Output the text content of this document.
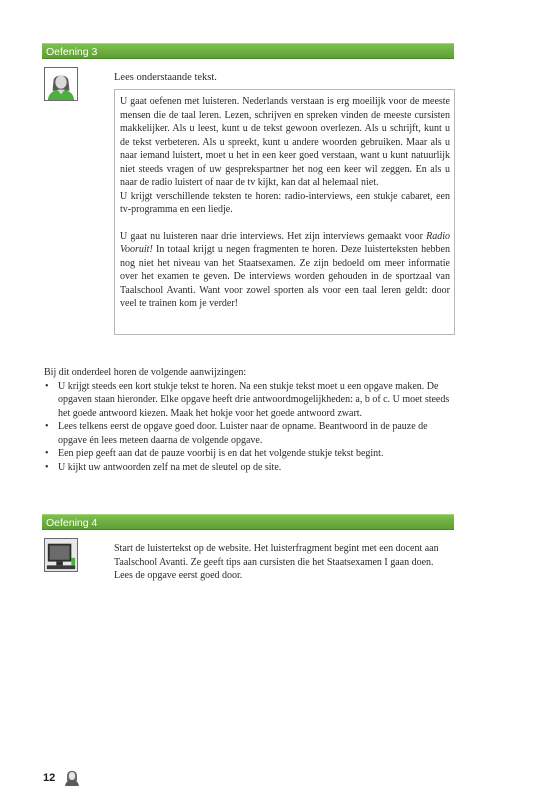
Oefening 3
Lees onderstaande tekst.

U gaat oefenen met luisteren. Nederlands verstaan is erg moeilijk voor de meeste mensen die de taal leren. Lezen, schrijven en spreken vinden de meeste cursisten makkelijker. Als u leest, kunt u de tekst gewoon overlezen. Als u schrijft, kunt u de tekst verbeteren. Als u spreekt, kunt u andere woorden gebruiken. Maar als u naar iemand luistert, moet u het in een keer goed verstaan, want u kunt natuurlijk niet steeds vragen of uw gesprekspartner het nog een keer wil zeggen. En als u naar de radio luistert of naar de tv kijkt, kan dat al helemaal niet.

U krijgt verschillende teksten te horen: radio-interviews, een stukje cabaret, een tv-programma en een liedje.

U gaat nu luisteren naar drie interviews. Het zijn interviews gemaakt voor Radio Vooruit! In totaal krijgt u negen fragmenten te horen. Deze luisterteksten hebben nog niet het niveau van het Staatsexamen. Ze zijn bedoeld om meer informatie over het examen te geven. De interviews worden gehouden in de sportzaal van Taalschool Avanti. Want voor zowel sporten als voor een taal leren geldt: door veel te trainen kom je verder!

Bij dit onderdeel horen de volgende aanwijzingen:
• U krijgt steeds een kort stukje tekst te horen. Na een stukje tekst moet u een opgave maken. De opgaven staan hieronder. Elke opgave heeft drie antwoordmogelijkheden: a, b of c. U moet steeds het goede antwoord kiezen. Maak het hokje voor het goede antwoord zwart.
• Lees telkens eerst de opgave goed door. Luister naar de opname. Beantwoord in de pauze de opgave én lees meteen daarna de volgende opgave.
• Een piep geeft aan dat de pauze voorbij is en dat het volgende stukje tekst begint.
• U kijkt uw antwoorden zelf na met de sleutel op de site.
Oefening 4
Start de luistertekst op de website. Het luisterfragment begint met een docent aan Taalschool Avanti. Ze geeft tips aan cursisten die het Staatsexamen I gaan doen. Lees de opgave eerst goed door.
12
